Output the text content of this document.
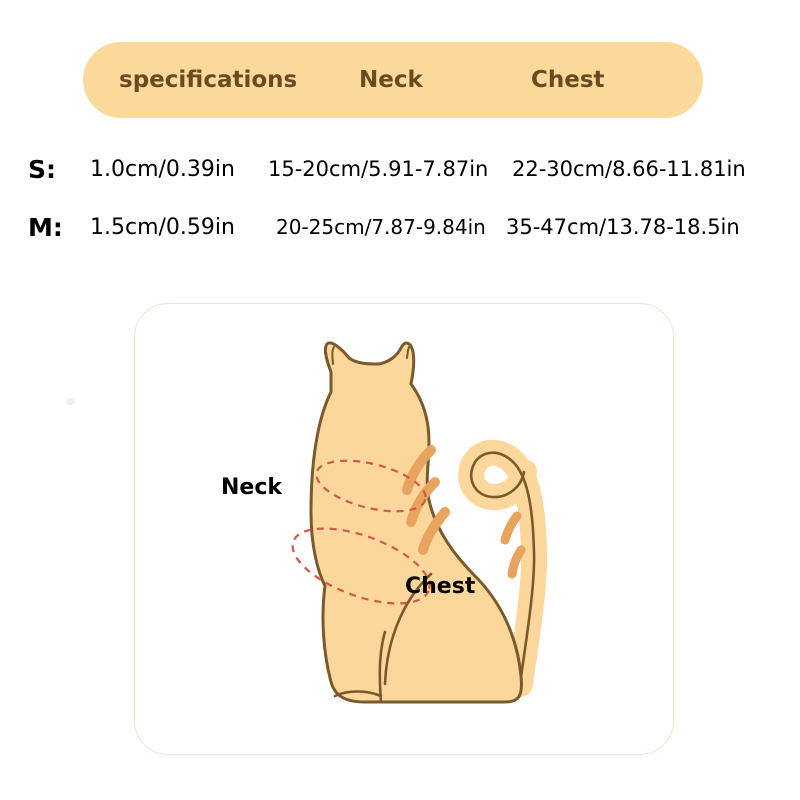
specifications	Neck	Chest
S: 1.0cm/0.39in 15-20cm/5.91-7.87in 22-30cm/8.66-11.81in
M: 1.5cm/0.59in 20-25cm/7.87-9.84in 35-47cm/13.78-18.5in
Neck
Chest
